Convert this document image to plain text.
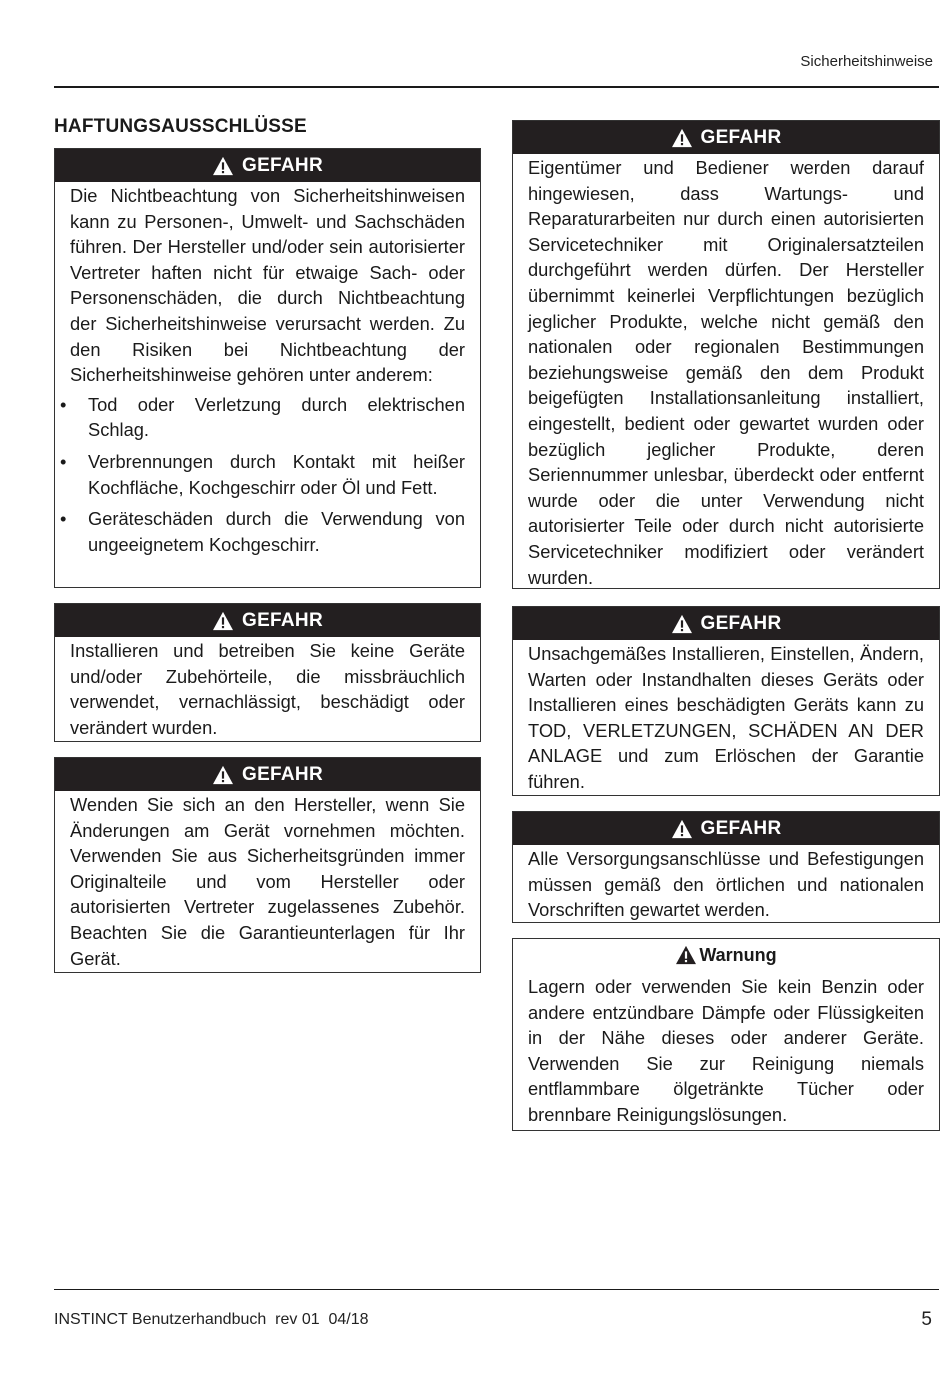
Sicherheitshinweise
HAFTUNGSAUSSCHLÜSSE
GEFAHR

Die Nichtbeachtung von Sicherheitshinweisen kann zu Personen-, Umwelt- und Sachschäden führen. Der Hersteller und/oder sein autorisierter Vertreter haften nicht für etwaige Sach- oder Personenschäden, die durch Nichtbeachtung der Sicherheitshinweise verursacht werden. Zu den Risiken bei Nichtbeachtung der Sicherheitshinweise gehören unter anderem:

• Tod oder Verletzung durch elektrischen Schlag.
• Verbrennungen durch Kontakt mit heißer Kochfläche, Kochgeschirr oder Öl und Fett.
• Geräteschäden durch die Verwendung von ungeeignetem Kochgeschirr.
GEFAHR

Installieren und betreiben Sie keine Geräte und/oder Zubehörteile, die missbräuchlich verwendet, vernachlässigt, beschädigt oder verändert wurden.

GEFAHR

Wenden Sie sich an den Hersteller, wenn Sie Änderungen am Gerät vornehmen möchten. Verwenden Sie aus Sicherheitsgründen immer Originalteile und vom Hersteller oder autorisierten Vertreter zugelassenes Zubehör. Beachten Sie die Garantieunterlagen für Ihr Gerät.

GEFAHR

Eigentümer und Bediener werden darauf hingewiesen, dass Wartungs- und Reparaturarbeiten nur durch einen autorisierten Servicetechniker mit Originalersatzteilen durchgeführt werden dürfen. Der Hersteller übernimmt keinerlei Verpflichtungen bezüglich jeglicher Produkte, welche nicht gemäß den nationalen oder regionalen Bestimmungen beziehungsweise gemäß den dem Produkt beigefügten Installationsanleitung installiert, eingestellt, bedient oder gewartet wurden oder bezüglich jeglicher Produkte, deren Seriennummer unlesbar, überdeckt oder entfernt wurde oder die unter Verwendung nicht autorisierter Teile oder durch nicht autorisierte Servicetechniker modifiziert oder verändert wurden.

GEFAHR

Unsachgemäßes Installieren, Einstellen, Ändern, Warten oder Instandhalten dieses Geräts oder Installieren eines beschädigten Geräts kann zu TOD, VERLETZUNGEN, SCHÄDEN AN DER ANLAGE und zum Erlöschen der Garantie führen.

GEFAHR

Alle Versorgungsanschlüsse und Befestigungen müssen gemäß den örtlichen und nationalen Vorschriften gewartet werden.

Warnung

Lagern oder verwenden Sie kein Benzin oder andere entzündbare Dämpfe oder Flüssigkeiten in der Nähe dieses oder anderer Geräte. Verwenden Sie zur Reinigung niemals entflammbare ölgetränkte Tücher oder brennbare Reinigungslösungen.

INSTINCT Benutzerhandbuch  rev 01  04/18	5
